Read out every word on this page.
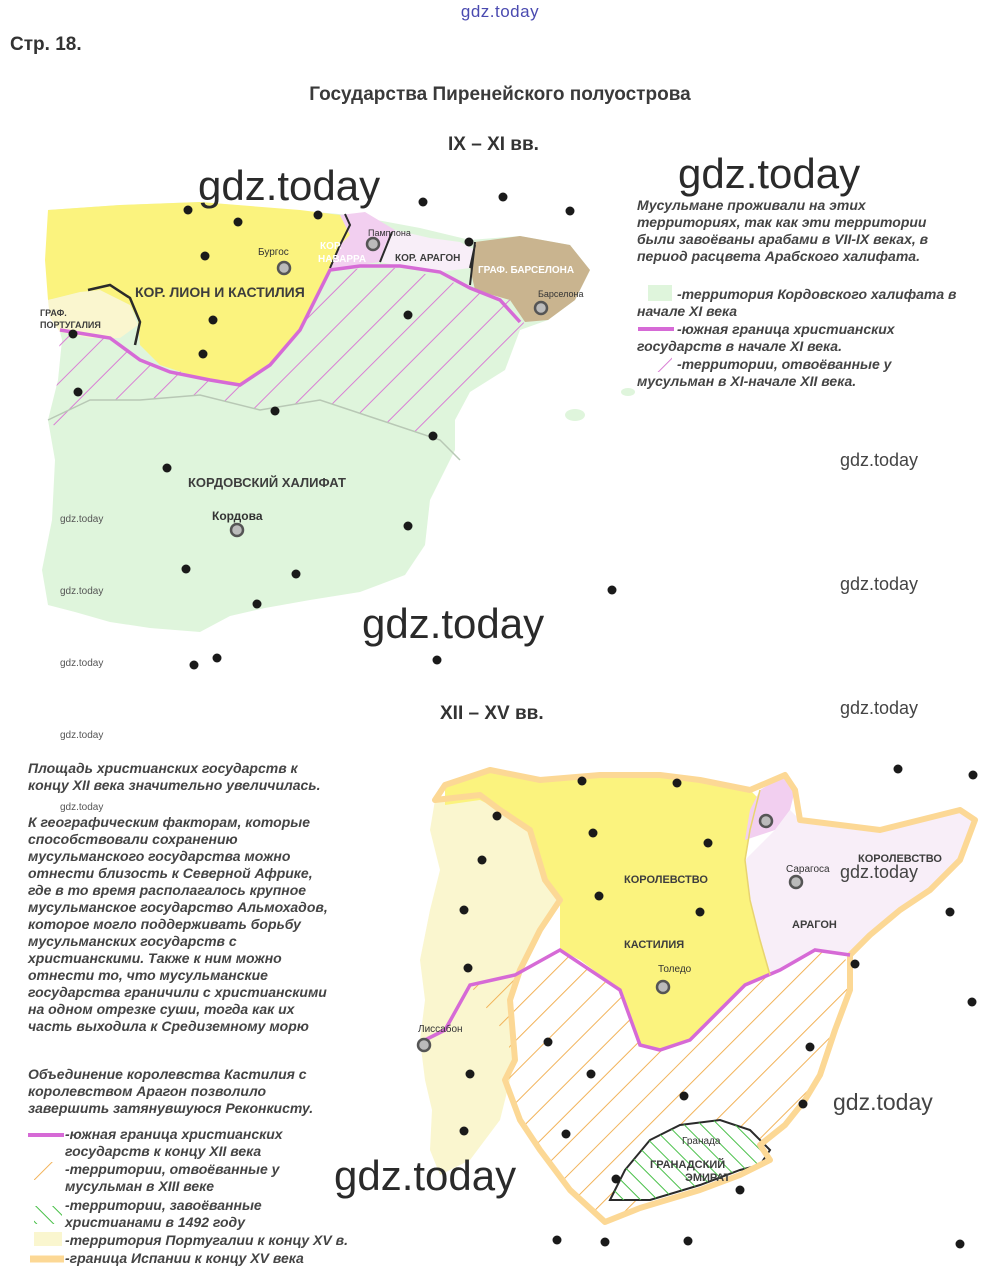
gdz.today
Стр. 18.
Государства Пиренейского полуострова
IX – XI вв.
КОР. ЛИОН И КАСТИЛИЯ
КОР.
НАВАРРА	КОР. АРАГОН
ГРАФ. БАРСЕЛОНА
ГРАФ.
ПОРТУГАЛИЯ
КОРДОВСКИЙ ХАЛИФАТ
Бургос
Памплона
Барселона
Кордова
КОРОЛЕВСТВО
КАСТИЛИЯ
КОРОЛЕВСТВО
АРАГОН
ГРАНАДСКИЙ
ЭМИРАТ
Сарагоса
Толедо
Лиссабон
Гранада
Мусульмане проживали на этих
территориях, так как эти территории
были завоёваны арабами в VII-IX веках, в
период расцвета Арабского халифата.
-территория Кордовского халифата в
начале XI века
-южная граница христианских
государств в начале XI века.
-территории, отвоёванные у
мусульман в XI-начале XII века.
XII – XV вв.
Площадь христианских государств к
концу XII века значительно увеличилась.
К географическим факторам, которые
способствовали сохранению
мусульманского государства можно
отнести близость к Северной Африке,
где в то время располагалось крупное
мусульманское государство Альмохадов,
которое могло поддерживать борьбу
мусульманских государств с
христианскими. Также к ним можно
отнести то, что мусульманские
государства граничили с христианскими
на одном отрезке суши, тогда как их
часть выходила к Средиземному морю
Объединение королевства Кастилия с
королевством Арагон позволило
завершить затянувшуюся Реконкисту.
-южная граница христианских
государств к концу XII века
-территории, отвоёванные у
мусульман в XIII веке
-территории, завоёванные
христианами в 1492 году
-территория Португалии к концу XV в.
-граница Испании к концу XV века
gdz.today	gdz.today
gdz.today
gdz.today
gdz.today
gdz.today
gdz.today
gdz.today
gdz.today
gdz.today
gdz.today
gdz.today
gdz.today
gdz.today
